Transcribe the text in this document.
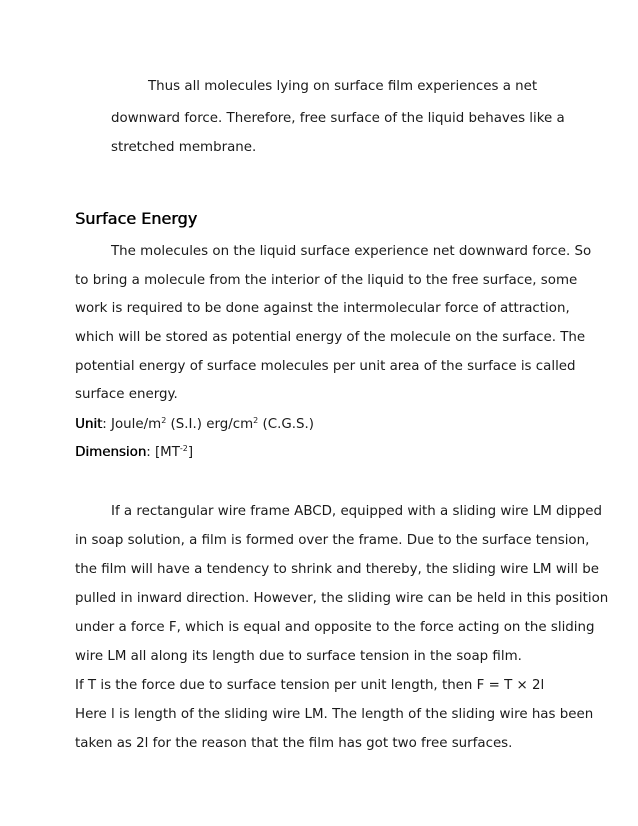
Thus all molecules lying on surface film experiences a net
downward force. Therefore, free surface of the liquid behaves like a
stretched membrane.
Surface Energy
The molecules on the liquid surface experience net downward force. So
to bring a molecule from the interior of the liquid to the free surface, some
work is required to be done against the intermolecular force of attraction,
which will be stored as potential energy of the molecule on the surface. The
potential energy of surface molecules per unit area of the surface is called
surface energy.
Unit: Joule/$m^2$ (S.I.) erg/$cm^2$ (C.G.S.)
Dimension: $[MT^{-2}]$
If a rectangular wire frame ABCD, equipped with a sliding wire LM dipped
in soap solution, a film is formed over the frame. Due to the surface tension,
the film will have a tendency to shrink and thereby, the sliding wire LM will be
pulled in inward direction. However, the sliding wire can be held in this position
under a force F, which is equal and opposite to the force acting on the sliding
wire LM all along its length due to surface tension in the soap film.
If T is the force due to surface tension per unit length, then F = T × 2l
Here l is length of the sliding wire LM. The length of the sliding wire has been
taken as 2l for the reason that the film has got two free surfaces.
